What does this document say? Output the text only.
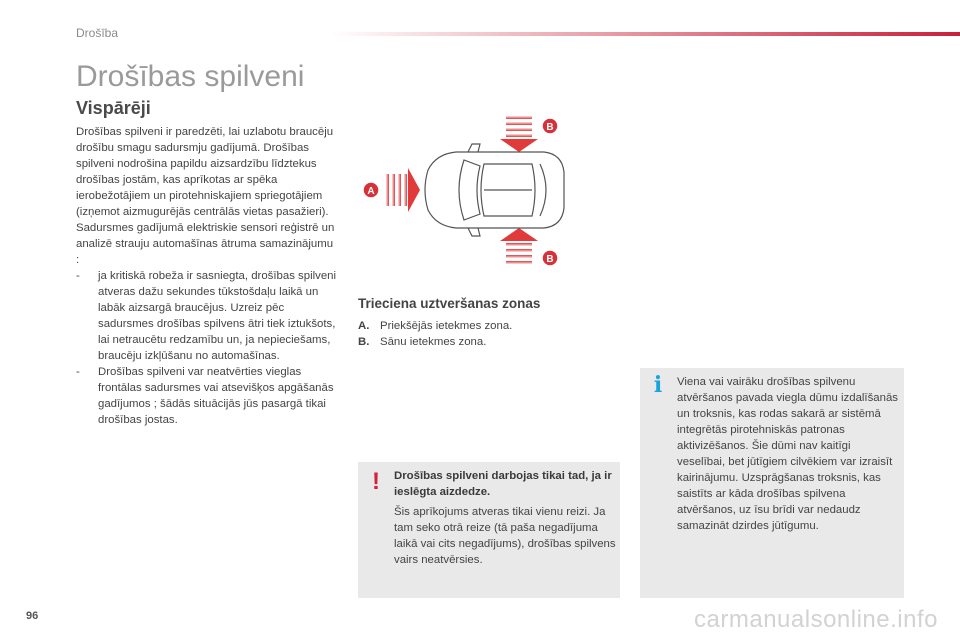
Drošība
Drošības spilveni
Vispārēji

Drošības spilveni ir paredzēti, lai uzlabotu braucēju drošību smagu sadursmju gadījumā. Drošības spilveni nodrošina papildu aizsardzību līdztekus drošības jostām, kas aprīkotas ar spēka ierobežotājiem un pirotehniskajiem spriegotājiem (izņemot aizmugurējās centrālās vietas pasažieri). Sadursmes gadījumā elektriskie sensori reģistrē un analizē strauju automašīnas ātruma samazinājumu :

- ja kritiskā robeža ir sasniegta, drošības spilveni atveras dažu sekundes tūkstošdaļu laikā un labāk aizsargā braucējus. Uzreiz pēc sadursmes drošības spilvens ātri tiek iztukšots, lai netraucētu redzamību un, ja nepieciešams, braucēju izkļūšanu no automašīnas.
- Drošības spilveni var neatvērties vieglas frontālas sadursmes vai atsevišķos apgāšanās gadījumos ; šādās situācijās jūs pasargā tikai drošības jostas.
A
B
B
Trieciena uztveršanas zonas
A. Priekšējās ietekmes zona.
B. Sānu ietekmes zona.
!	Drošības spilveni darbojas tikai tad, ja ir ieslēgta aizdedze.
Šis aprīkojums atveras tikai vienu reizi. Ja tam seko otrā reize (tā paša negadījuma laikā vai cits negadījums), drošības spilvens vairs neatvērsies.
i	Viena vai vairāku drošības spilvenu atvēršanos pavada viegla dūmu izdalīšanās un troksnis, kas rodas sakarā ar sistēmā integrētās pirotehniskās patronas aktivizēšanos. Šie dūmi nav kaitīgi veselībai, bet jūtīgiem cilvēkiem var izraisīt kairinājumu. Uzsprāgšanas troksnis, kas saistīts ar kāda drošības spilvena atvēršanos, uz īsu brīdi var nedaudz samazināt dzirdes jūtīgumu.
96	carmanualsonline.info
